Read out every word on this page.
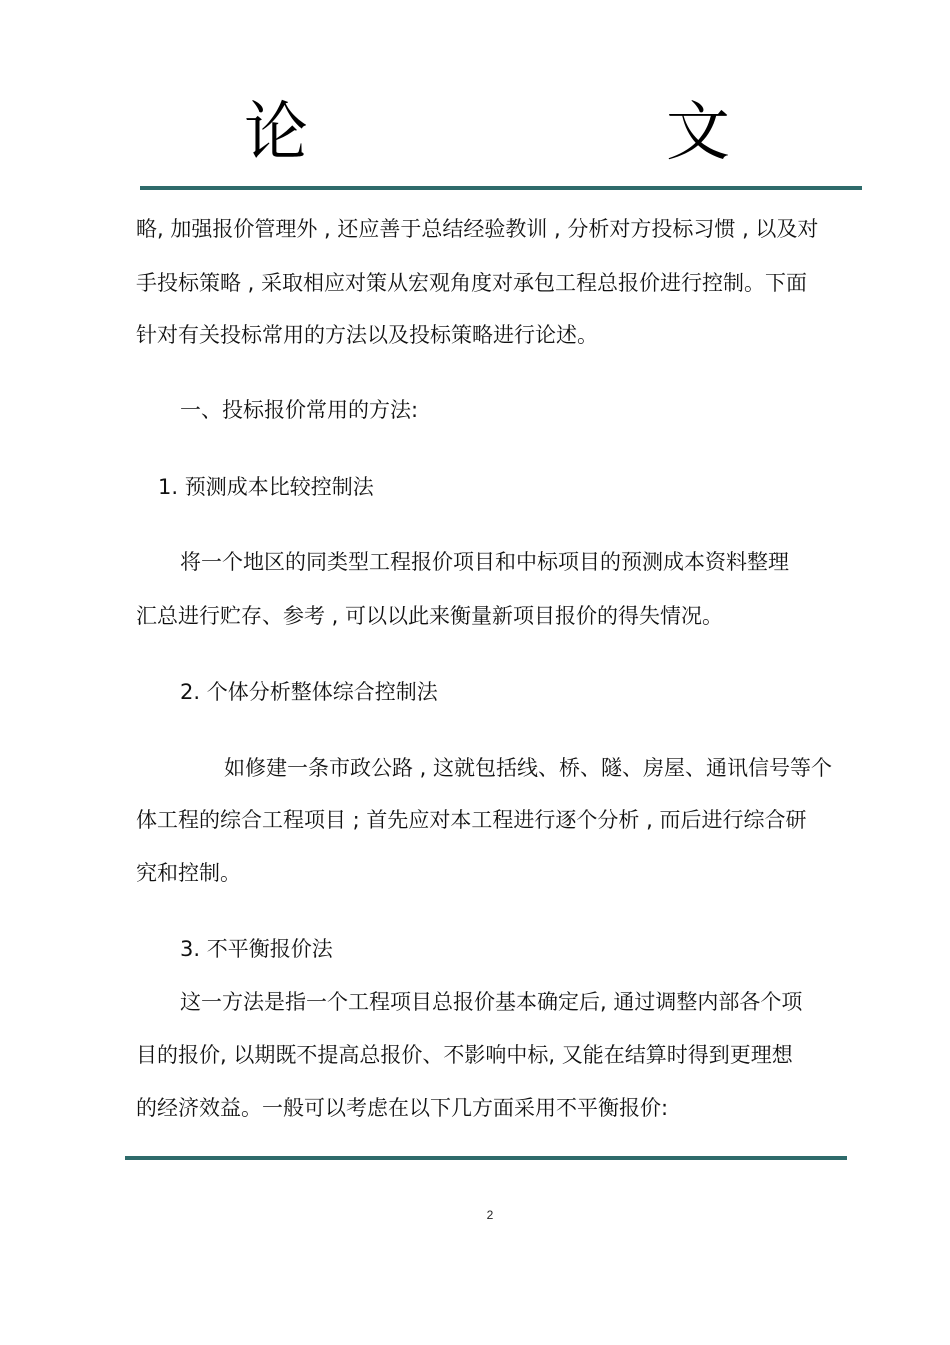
论	文
略, 加强报价管理外 , 还应善于总结经验教训 , 分析对方投标习惯 , 以及对
手投标策略 , 采取相应对策从宏观角度对承包工程总报价进行控制。下面
针对有关投标常用的方法以及投标策略进行论述。
一、投标报价常用的方法:
1. 预测成本比较控制法
将一个地区的同类型工程报价项目和中标项目的预测成本资料整理
汇总进行贮存、参考 , 可以以此来衡量新项目报价的得失情况。
2. 个体分析整体综合控制法
如修建一条市政公路 , 这就包括线、桥、隧、房屋、通讯信号等个
体工程的综合工程项目 ; 首先应对本工程进行逐个分析 , 而后进行综合研
究和控制。
3. 不平衡报价法
这一方法是指一个工程项目总报价基本确定后, 通过调整内部各个项
目的报价, 以期既不提高总报价、不影响中标, 又能在结算时得到更理想
的经济效益。一般可以考虑在以下几方面采用不平衡报价:
2
